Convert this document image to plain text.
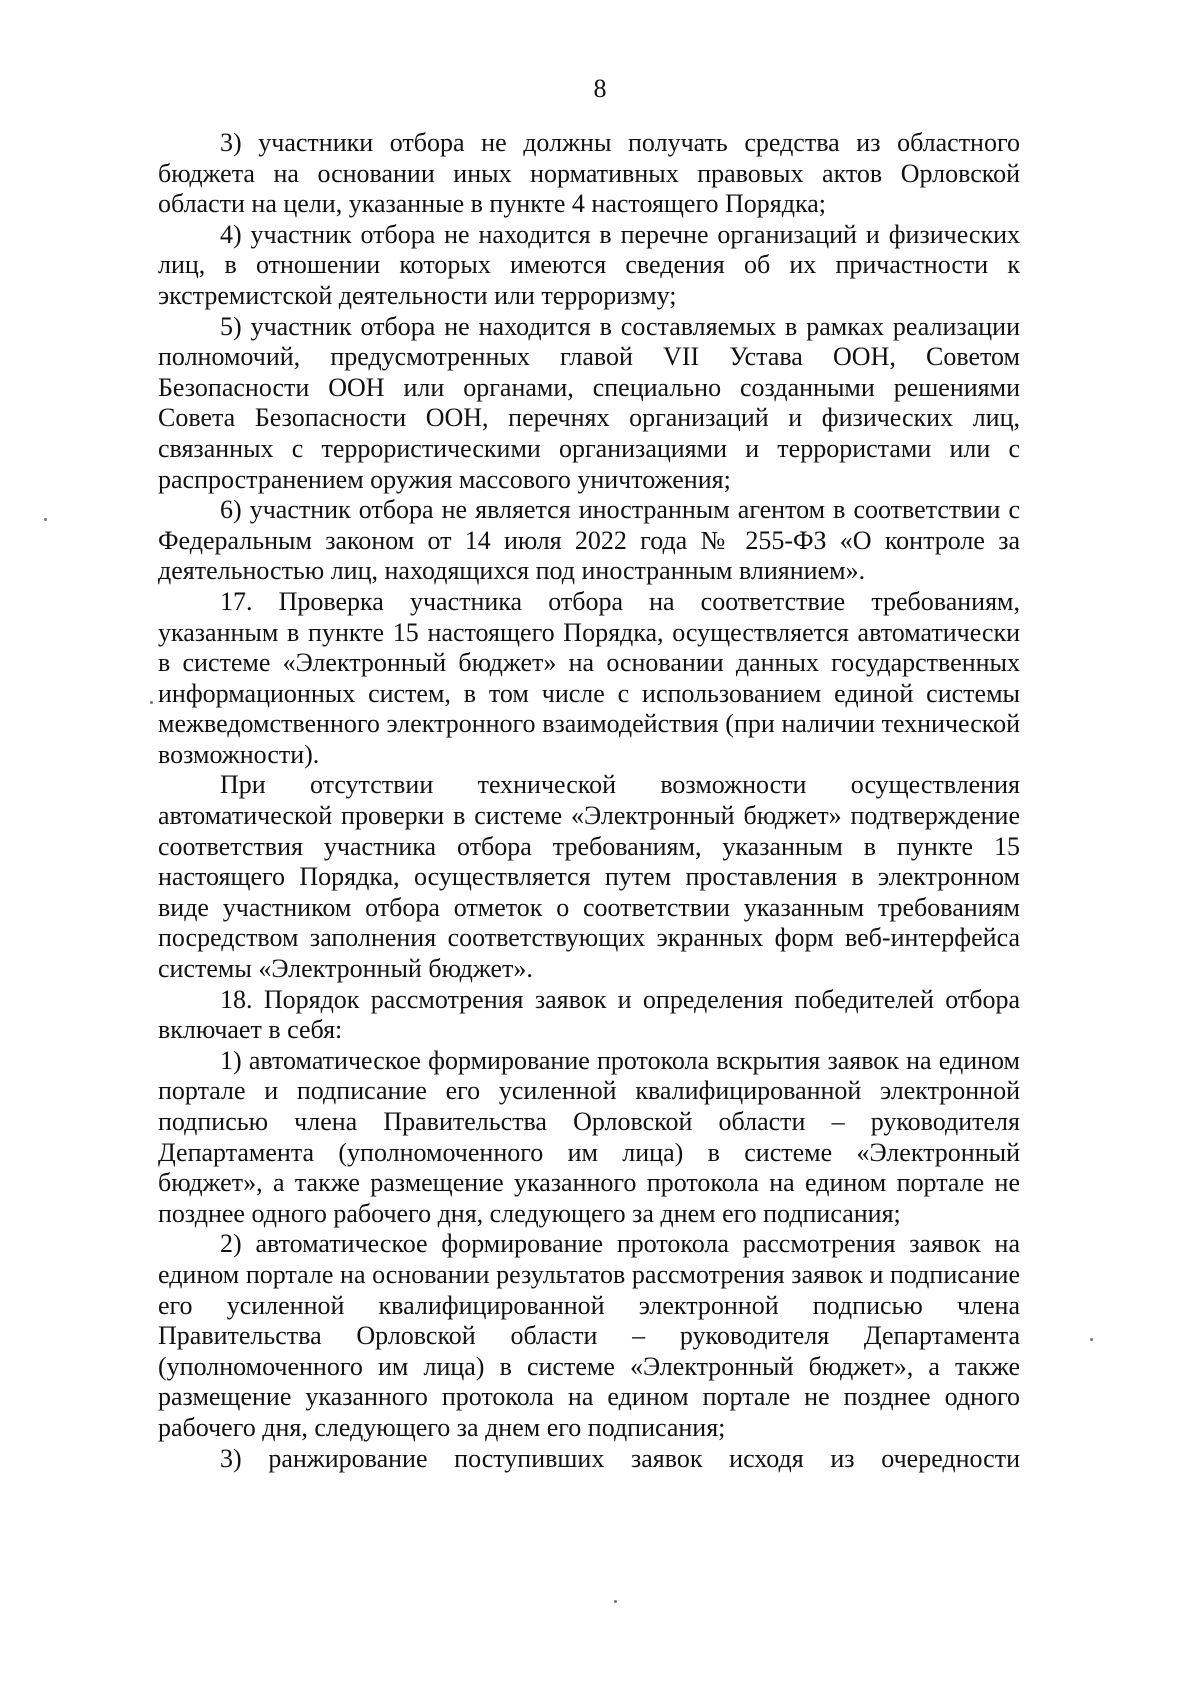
8

3) участники отбора не должны получать средства из областного бюджета на основании иных нормативных правовых актов Орловской области на цели, указанные в пункте 4 настоящего Порядка;

4) участник отбора не находится в перечне организаций и физических лиц, в отношении которых имеются сведения об их причастности к экстремистской деятельности или терроризму;

5) участник отбора не находится в составляемых в рамках реализации полномочий, предусмотренных главой VII Устава ООН, Советом Безопасности ООН или органами, специально созданными решениями Совета Безопасности ООН, перечнях организаций и физических лиц, связанных с террористическими организациями и террористами или с распространением оружия массового уничтожения;

6) участник отбора не является иностранным агентом в соответствии с Федеральным законом от 14 июля 2022 года № 255-ФЗ «О контроле за деятельностью лиц, находящихся под иностранным влиянием».

17. Проверка участника отбора на соответствие требованиям, указанным в пункте 15 настоящего Порядка, осуществляется автоматически в системе «Электронный бюджет» на основании данных государственных информационных систем, в том числе с использованием единой системы межведомственного электронного взаимодействия (при наличии технической возможности).

При отсутствии технической возможности осуществления автоматической проверки в системе «Электронный бюджет» подтверждение соответствия участника отбора требованиям, указанным в пункте 15 настоящего Порядка, осуществляется путем проставления в электронном виде участником отбора отметок о соответствии указанным требованиям посредством заполнения соответствующих экранных форм веб-интерфейса системы «Электронный бюджет».

18. Порядок рассмотрения заявок и определения победителей отбора включает в себя:

1) автоматическое формирование протокола вскрытия заявок на едином портале и подписание его усиленной квалифицированной электронной подписью члена Правительства Орловской области – руководителя Департамента (уполномоченного им лица) в системе «Электронный бюджет», а также размещение указанного протокола на едином портале не позднее одного рабочего дня, следующего за днем его подписания;

2) автоматическое формирование протокола рассмотрения заявок на едином портале на основании результатов рассмотрения заявок и подписание его усиленной квалифицированной электронной подписью члена Правительства Орловской области – руководителя Департамента (уполномоченного им лица) в системе «Электронный бюджет», а также размещение указанного протокола на едином портале не позднее одного рабочего дня, следующего за днем его подписания;

3) ранжирование поступивших заявок исходя из очередности
